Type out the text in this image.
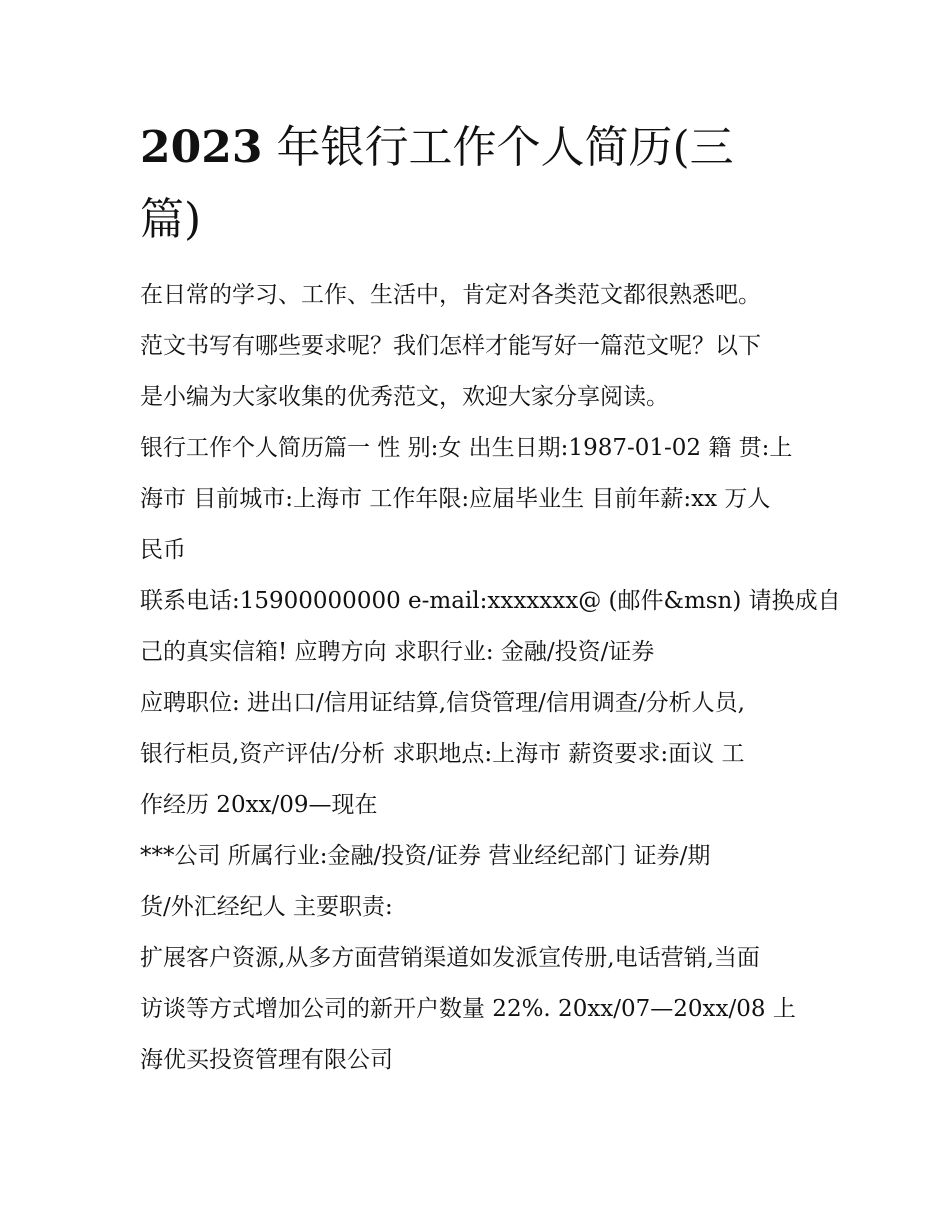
2023 年银行工作个人简历(三
篇)
在日常的学习、工作、生活中，肯定对各类范文都很熟悉吧。
范文书写有哪些要求呢？我们怎样才能写好一篇范文呢？以下
是小编为大家收集的优秀范文，欢迎大家分享阅读。
银行工作个人简历篇一 性 别:女 出生日期:1987-01-02 籍 贯:上
海市 目前城市:上海市 工作年限:应届毕业生 目前年薪:xx 万人
民币
联系电话:15900000000 e-mail:xxxxxxx@ (邮件&msn) 请换成自
己的真实信箱! 应聘方向 求职行业: 金融/投资/证券
应聘职位: 进出口/信用证结算,信贷管理/信用调查/分析人员,
银行柜员,资产评估/分析 求职地点:上海市 薪资要求:面议 工
作经历 20xx/09—现在
***公司 所属行业:金融/投资/证券 营业经纪部门 证券/期
货/外汇经纪人 主要职责:
扩展客户资源,从多方面营销渠道如发派宣传册,电话营销,当面
访谈等方式增加公司的新开户数量 22%. 20xx/07—20xx/08 上
海优买投资管理有限公司
